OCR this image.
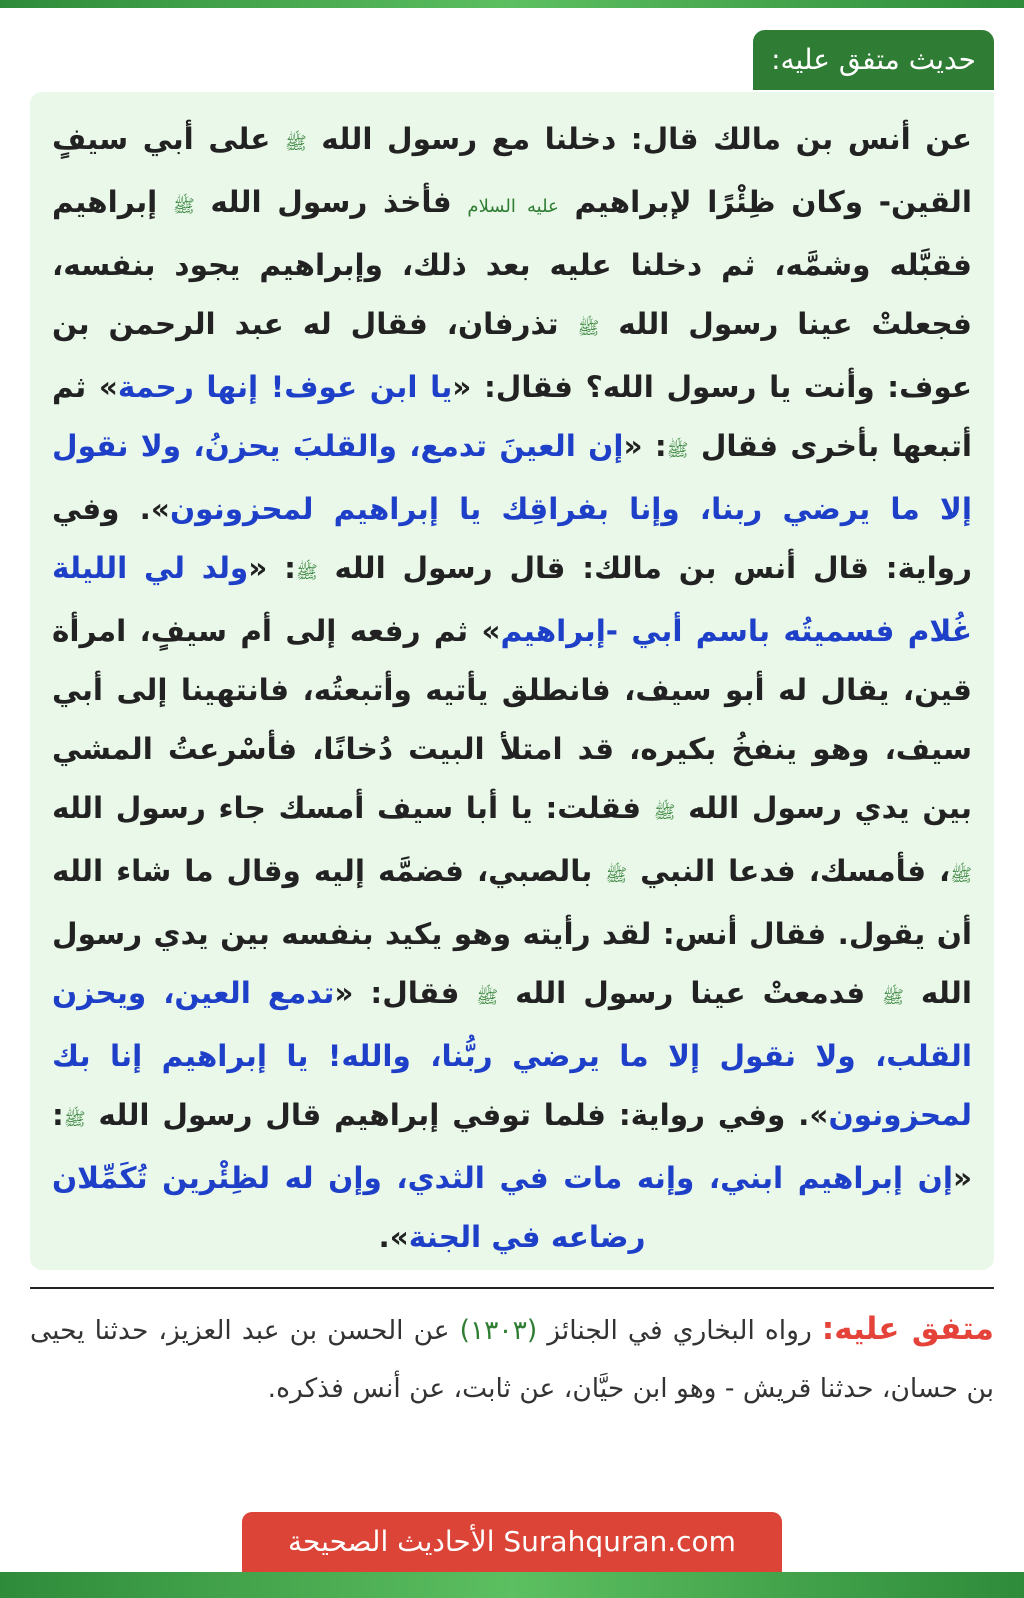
حديث متفق عليه:
عن أنس بن مالك قال: دخلنا مع رسول الله ﷺ على أبي سيفٍ القين- وكان ظِئْرًا لإبراهيم عليه السلام فأخذ رسول الله ﷺ إبراهيم فقبَّله وشمَّه، ثم دخلنا عليه بعد ذلك، وإبراهيم يجود بنفسه، فجعلتْ عينا رسول الله ﷺ تذرفان، فقال له عبد الرحمن بن عوف: وأنت يا رسول الله؟ فقال: «يا ابن عوف! إنها رحمة» ثم أتبعها بأخرى فقال ﷺ: «إن العينَ تدمع، والقلبَ يحزنُ، ولا نقول إلا ما يرضي ربنا، وإنا بفراقِك يا إبراهيم لمحزونون». وفي رواية: قال أنس بن مالك: قال رسول الله ﷺ: «ولد لي الليلة غُلام فسميتُه باسم أبي -إبراهيم» ثم رفعه إلى أم سيفٍ، امرأة قين، يقال له أبو سيف، فانطلق يأتيه وأتبعتُه، فانتهينا إلى أبي سيف، وهو ينفخُ بكيره، قد امتلأ البيت دُخانًا، فأسْرعتُ المشي بين يدي رسول الله ﷺ فقلت: يا أبا سيف أمسك جاء رسول الله ﷺ، فأمسك، فدعا النبي ﷺ بالصبي، فضمَّه إليه وقال ما شاء الله أن يقول. فقال أنس: لقد رأيته وهو يكيد بنفسه بين يدي رسول الله ﷺ فدمعتْ عينا رسول الله ﷺ فقال: «تدمع العين، ويحزن القلب، ولا نقول إلا ما يرضي ربُّنا، والله! يا إبراهيم إنا بك لمحزونون». وفي رواية: فلما توفي إبراهيم قال رسول الله ﷺ: «إن إبراهيم ابني، وإنه مات في الثدي، وإن له لظِئْرين تُكَمِّلان رضاعه في الجنة».
متفق عليه: رواه البخاري في الجنائز (١٣٠٣) عن الحسن بن عبد العزيز، حدثنا يحيى بن حسان، حدثنا قريش - وهو ابن حيَّان، عن ثابت، عن أنس فذكره.
الأحاديث الصحيحة Surahquran.com
